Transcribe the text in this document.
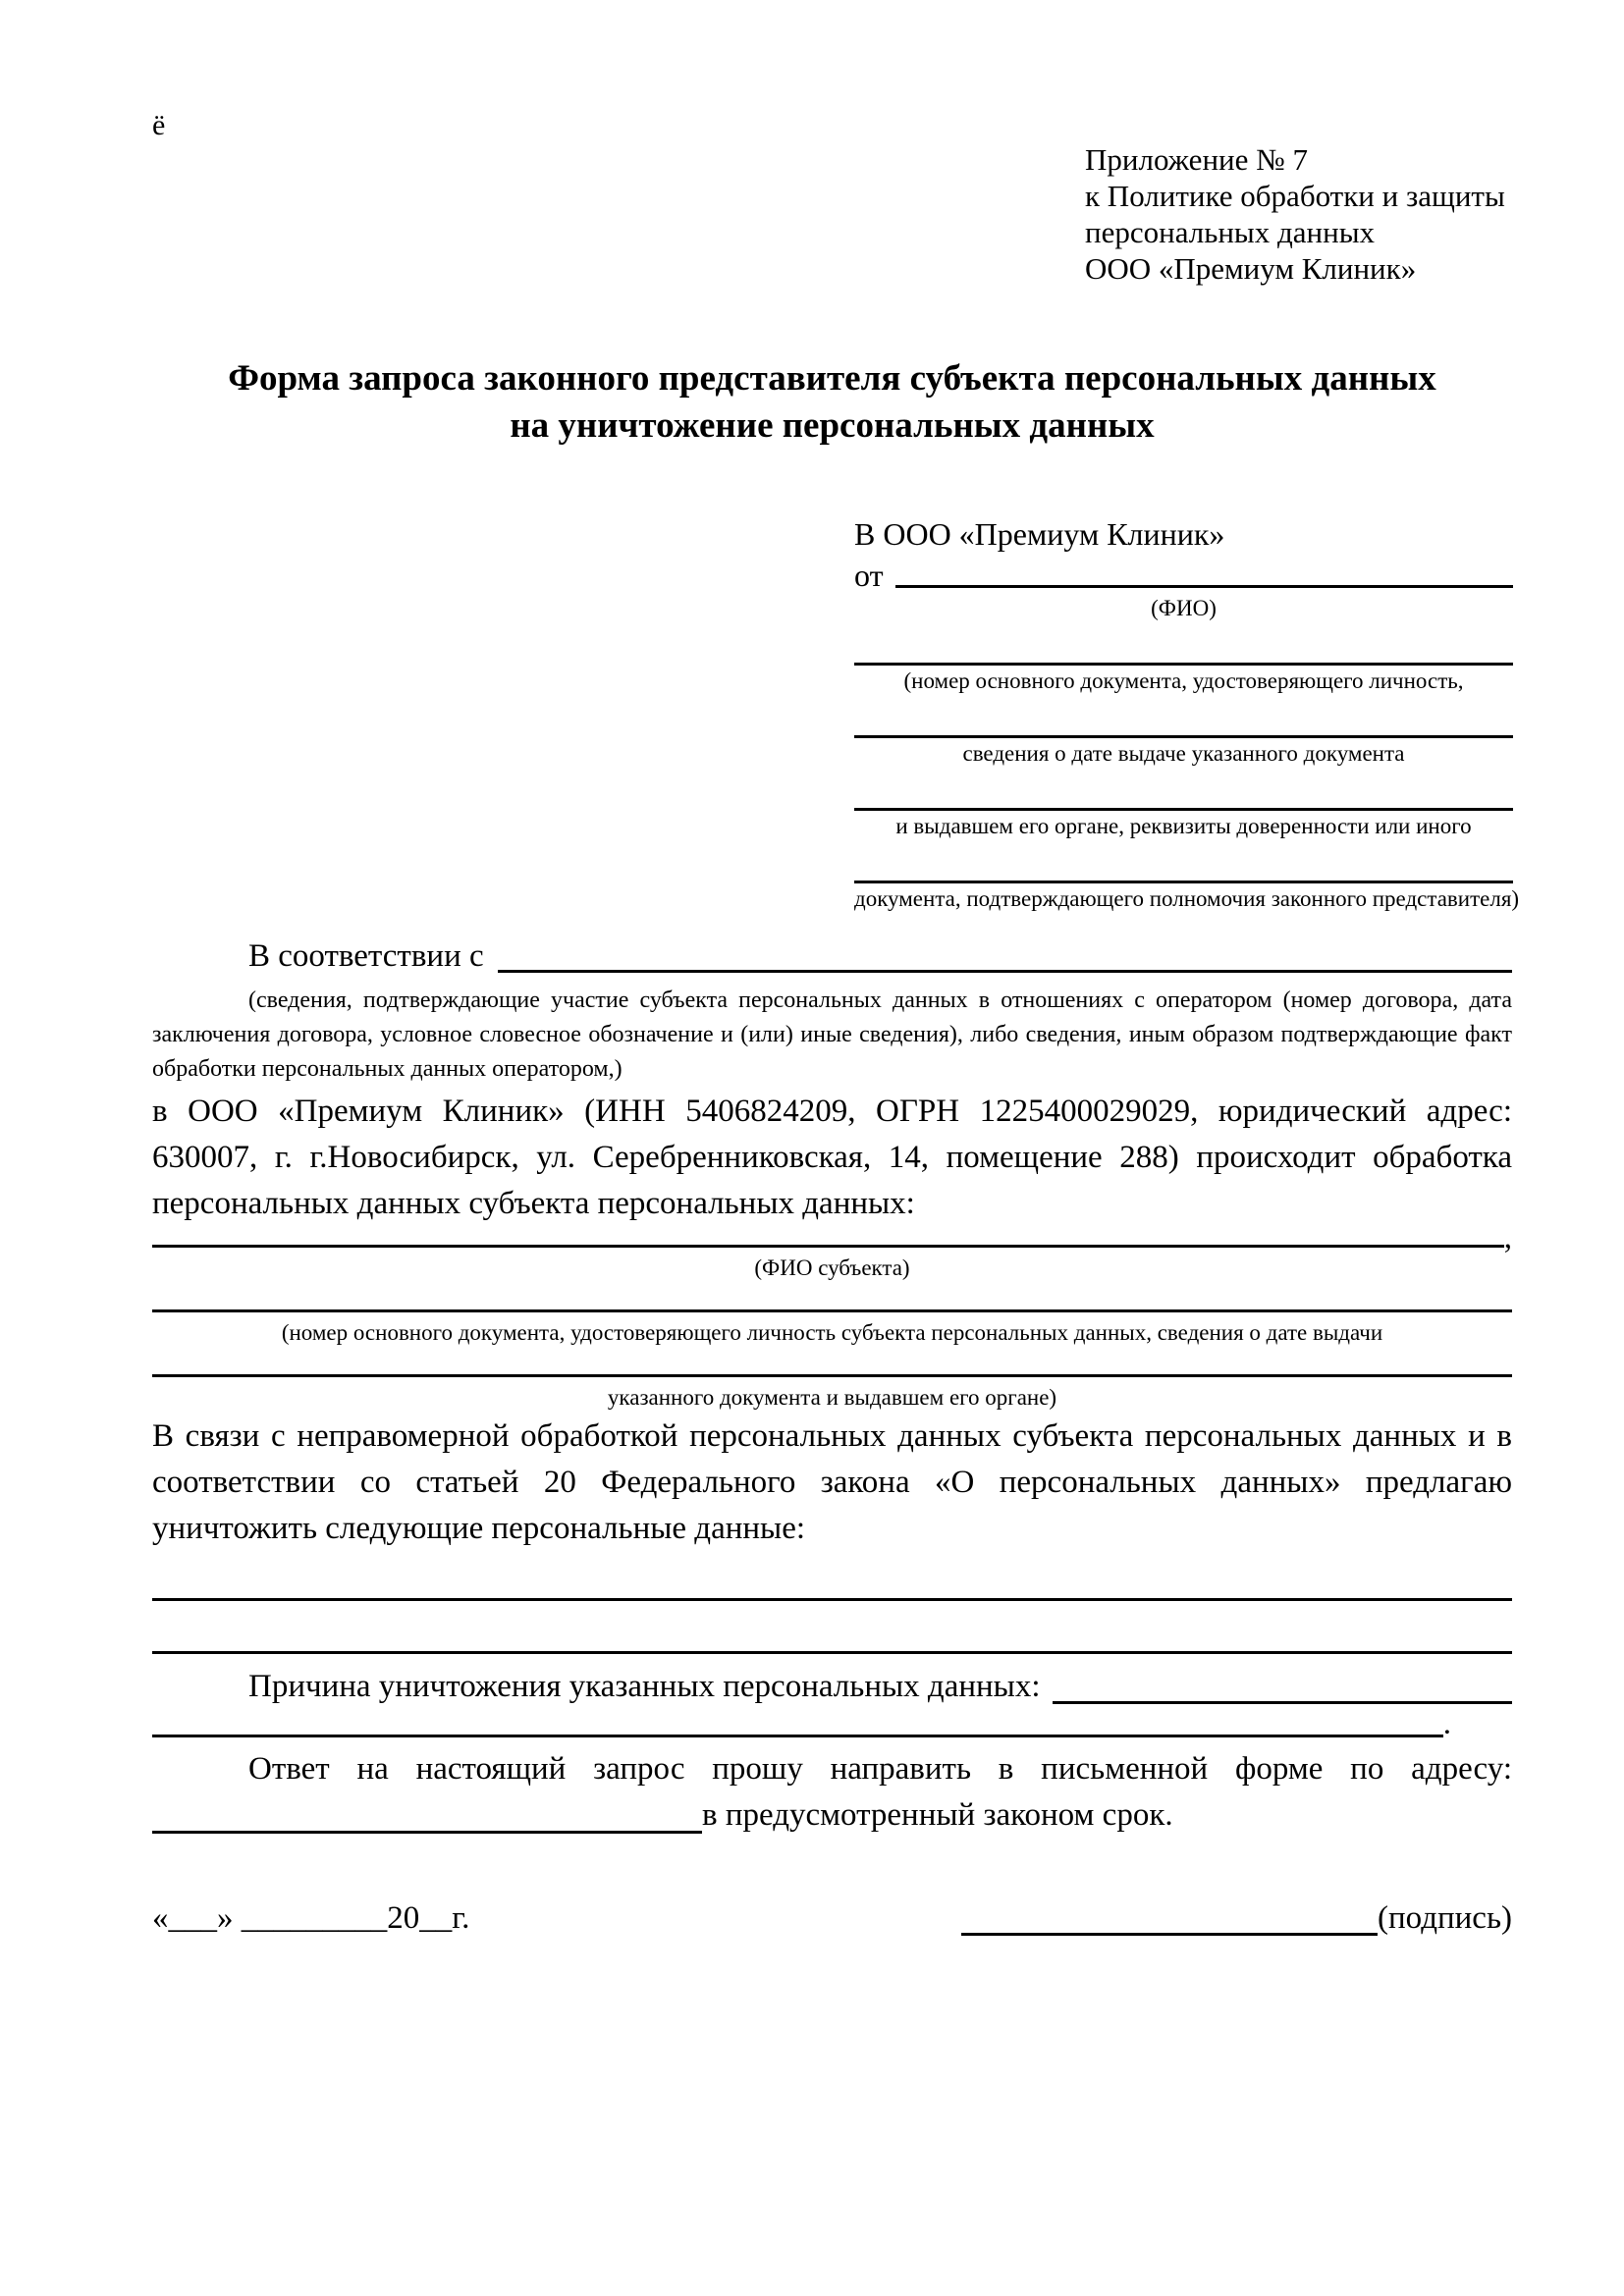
ё
Приложение № 7
к Политике обработки и защиты
персональных данных
ООО «Премиум Клиник»
Форма запроса законного представителя субъекта персональных данных
на уничтожение персональных данных
В ООО «Премиум Клиник»
от
(ФИО)
(номер основного документа, удостоверяющего личность,
сведения о дате выдаче указанного документа
и выдавшем его органе, реквизиты доверенности или иного
документа, подтверждающего полномочия законного представителя)
В соответствии с
(сведения, подтверждающие участие субъекта персональных данных в отношениях с оператором (номер договора, дата заключения договора, условное словесное обозначение и (или) иные сведения), либо сведения, иным образом подтверждающие факт обработки персональных данных оператором,)
в ООО «Премиум Клиник» (ИНН 5406824209, ОГРН 1225400029029, юридический адрес: 630007, г. г.Новосибирск, ул. Серебренниковская, 14, помещение 288) происходит обработка персональных данных субъекта персональных данных:
,
(ФИО субъекта)
(номер основного документа, удостоверяющего личность субъекта персональных данных, сведения о дате выдачи
указанного документа и выдавшем его органе)
В связи с неправомерной обработкой персональных данных субъекта персональных данных и в соответствии со статьей 20 Федерального закона «О персональных данных» предлагаю уничтожить следующие персональные данные:
Причина уничтожения указанных персональных данных:
.
Ответ на настоящий запрос прошу направить в письменной форме по адресу:
в предусмотренный законом срок.
«___» _________20__г.	(подпись)
